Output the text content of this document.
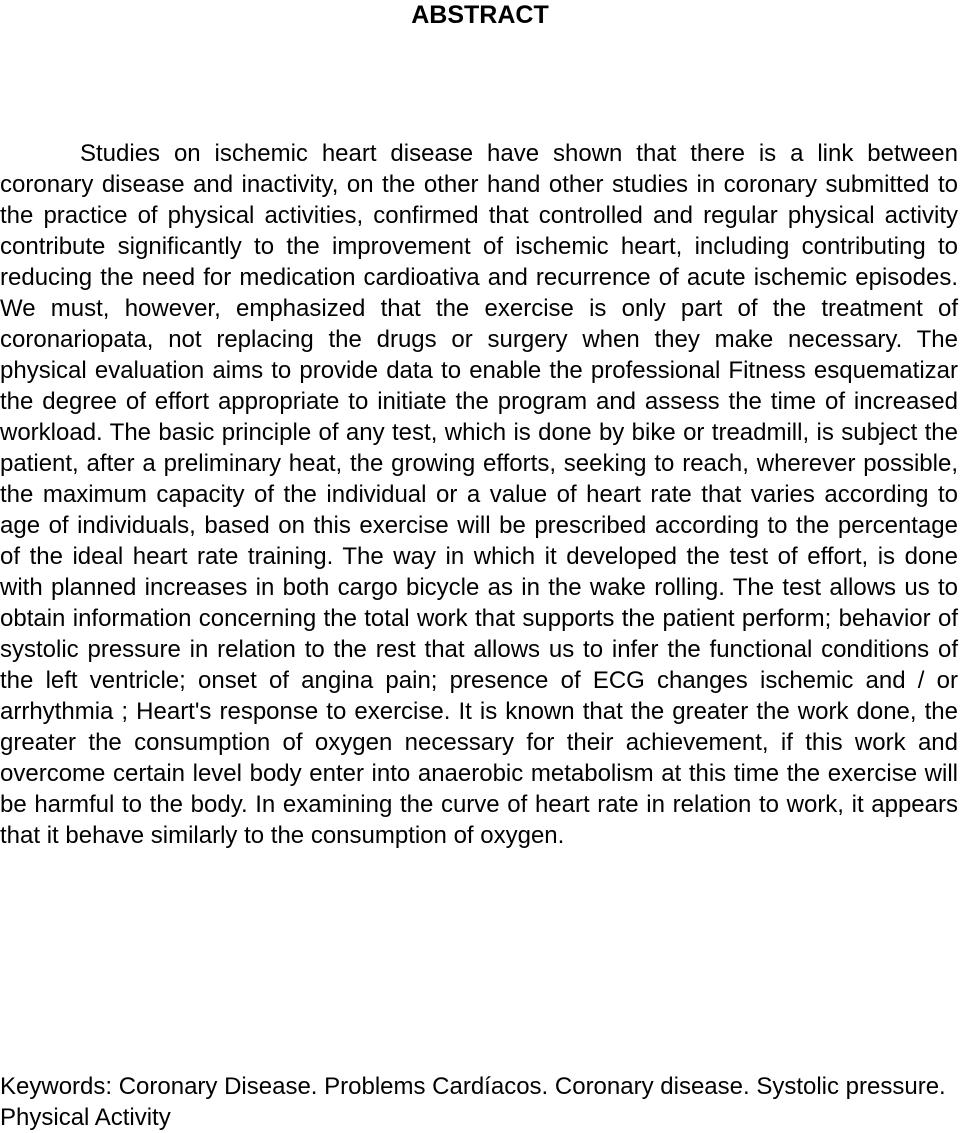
ABSTRACT

Studies on ischemic heart disease have shown that there is a link between coronary disease and inactivity, on the other hand other studies in coronary submitted to the practice of physical activities, confirmed that controlled and regular physical activity contribute significantly to the improvement of ischemic heart, including contributing to reducing the need for medication cardioativa and recurrence of acute ischemic episodes. We must, however, emphasized that the exercise is only part of the treatment of coronariopata, not replacing the drugs or surgery when they make necessary. The physical evaluation aims to provide data to enable the professional Fitness esquematizar the degree of effort appropriate to initiate the program and assess the time of increased workload. The basic principle of any test, which is done by bike or treadmill, is subject the patient, after a preliminary heat, the growing efforts, seeking to reach, wherever possible, the maximum capacity of the individual or a value of heart rate that varies according to age of individuals, based on this exercise will be prescribed according to the percentage of the ideal heart rate training. The way in which it developed the test of effort, is done with planned increases in both cargo bicycle as in the wake rolling. The test allows us to obtain information concerning the total work that supports the patient perform; behavior of systolic pressure in relation to the rest that allows us to infer the functional conditions of the left ventricle; onset of angina pain; presence of ECG changes ischemic and / or arrhythmia ; Heart's response to exercise. It is known that the greater the work done, the greater the consumption of oxygen necessary for their achievement, if this work and overcome certain level body enter into anaerobic metabolism at this time the exercise will be harmful to the body. In examining the curve of heart rate in relation to work, it appears that it behave similarly to the consumption of oxygen.

Keywords: Coronary Disease. Problems Cardíacos. Coronary disease. Systolic pressure. Physical Activity
